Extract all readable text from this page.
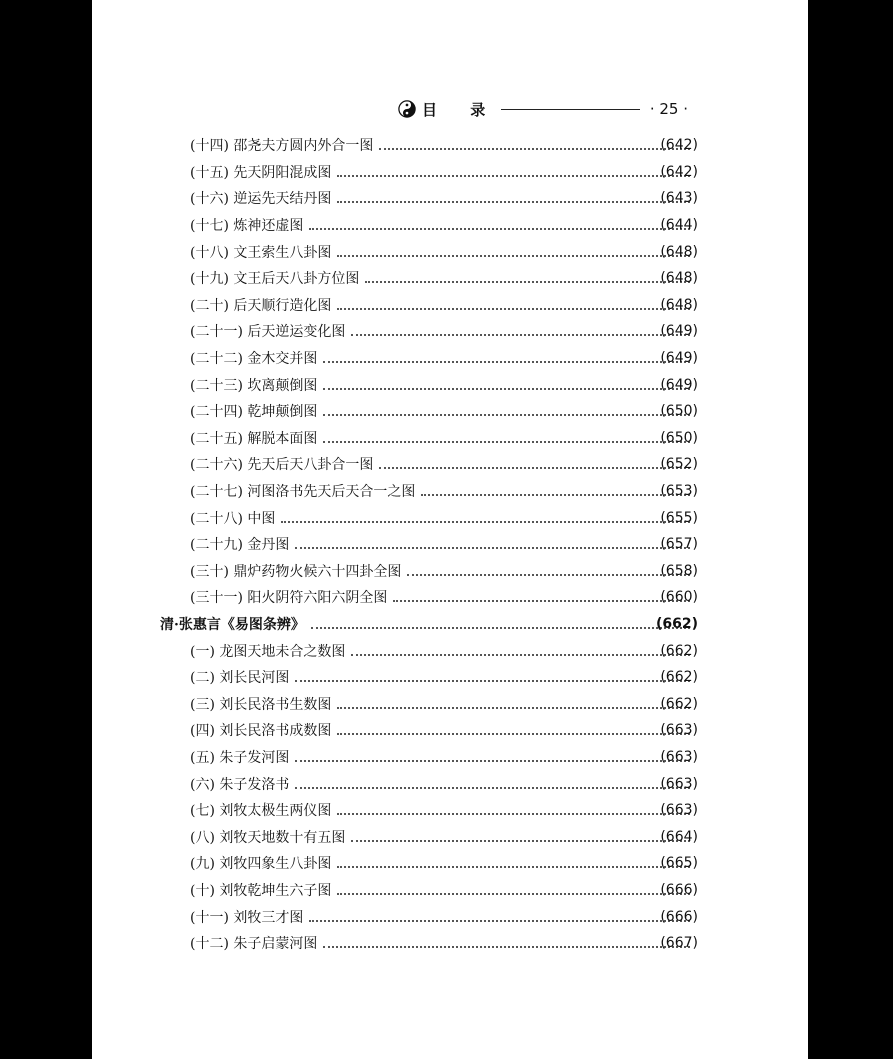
目 录	· 25 ·
(十四) 邵尧夫方圆内外合一图	(642)
(十五) 先天阴阳混成图	(642)
(十六) 逆运先天结丹图	(643)
(十七) 炼神还虚图	(644)
(十八) 文王索生八卦图	(648)
(十九) 文王后天八卦方位图	(648)
(二十) 后天顺行造化图	(648)
(二十一) 后天逆运变化图	(649)
(二十二) 金木交并图	(649)
(二十三) 坎离颠倒图	(649)
(二十四) 乾坤颠倒图	(650)
(二十五) 解脱本面图	(650)
(二十六) 先天后天八卦合一图	(652)
(二十七) 河图洛书先天后天合一之图	(653)
(二十八) 中图	(655)
(二十九) 金丹图	(657)
(三十) 鼎炉药物火候六十四卦全图	(658)
(三十一) 阳火阴符六阳六阴全图	(660)
清·张惠言《易图条辨》	(662)
(一) 龙图天地未合之数图	(662)
(二) 刘长民河图	(662)
(三) 刘长民洛书生数图	(662)
(四) 刘长民洛书成数图	(663)
(五) 朱子发河图	(663)
(六) 朱子发洛书	(663)
(七) 刘牧太极生两仪图	(663)
(八) 刘牧天地数十有五图	(664)
(九) 刘牧四象生八卦图	(665)
(十) 刘牧乾坤生六子图	(666)
(十一) 刘牧三才图	(666)
(十二) 朱子启蒙河图	(667)
